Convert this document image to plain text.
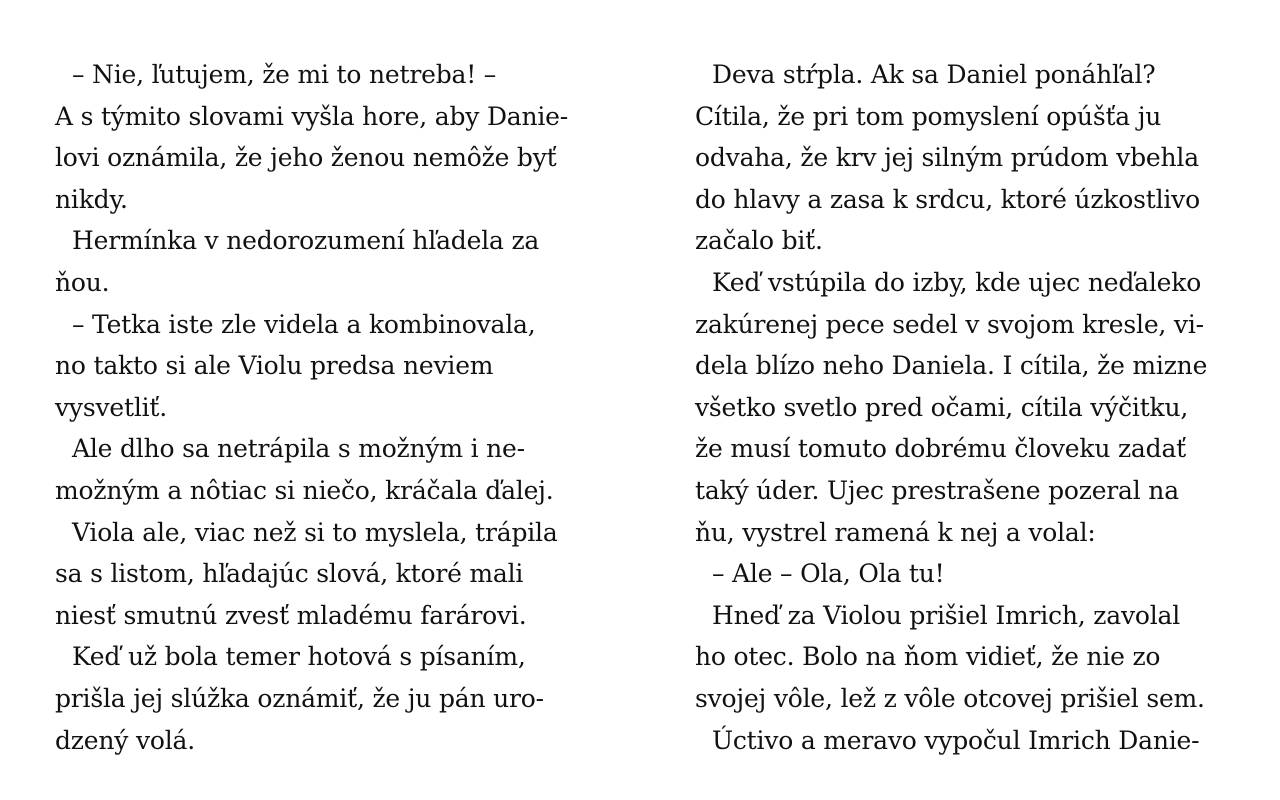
– Nie, ľutujem, že mi to netreba! –
A s týmito slovami vyšla hore, aby Danie-
lovi oznámila, že jeho ženou nemôže byť
nikdy.
Hermínka v nedorozumení hľadela za
ňou.
– Tetka iste zle videla a kombinovala,
no takto si ale Violu predsa neviem
vysvetliť.
Ale dlho sa netrápila s možným i ne-
možným a nôtiac si niečo, kráčala ďalej.
Viola ale, viac než si to myslela, trápila
sa s listom, hľadajúc slová, ktoré mali
niesť smutnú zvesť mladému farárovi.
Keď už bola temer hotová s písaním,
prišla jej slúžka oznámiť, že ju pán uro-
dzený volá.
Deva stŕpla. Ak sa Daniel ponáhľal?
Cítila, že pri tom pomyslení opúšťa ju
odvaha, že krv jej silným prúdom vbehla
do hlavy a zasa k srdcu, ktoré úzkostlivo
začalo biť.
Keď vstúpila do izby, kde ujec neďaleko
zakúrenej pece sedel v svojom kresle, vi-
dela blízo neho Daniela. I cítila, že mizne
všetko svetlo pred očami, cítila výčitku,
že musí tomuto dobrému človeku zadať
taký úder. Ujec prestrašene pozeral na
ňu, vystrel ramená k nej a volal:
– Ale – Ola, Ola tu!
Hneď za Violou prišiel Imrich, zavolal
ho otec. Bolo na ňom vidieť, že nie zo
svojej vôle, lež z vôle otcovej prišiel sem.
Úctivo a meravo vypočul Imrich Danie-
